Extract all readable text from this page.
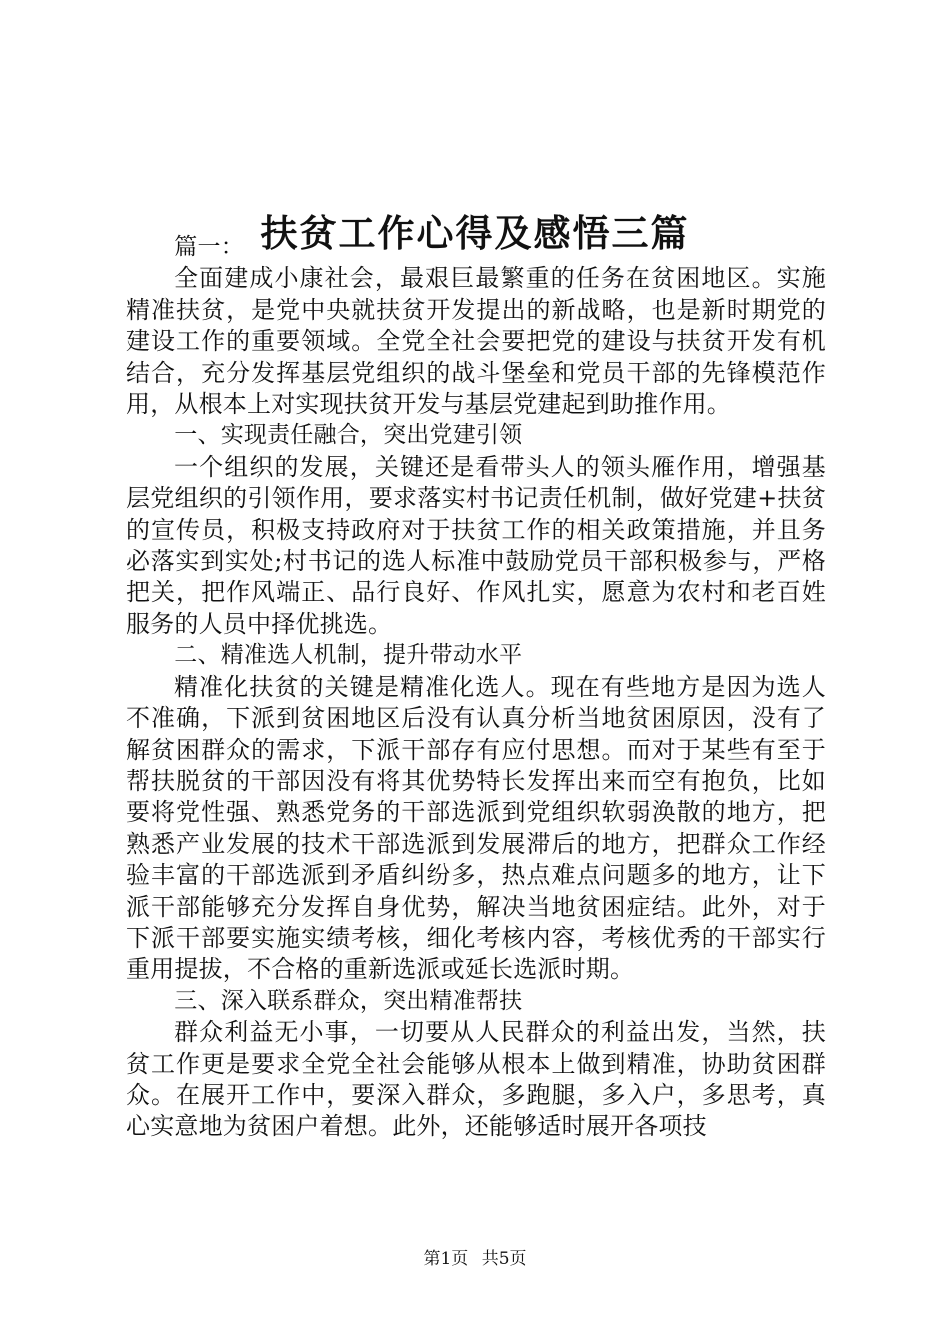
扶贫工作心得及感悟三篇

篇一：

全面建成小康社会，最艰巨最繁重的任务在贫困地区。实施精准扶贫，是党中央就扶贫开发提出的新战略，也是新时期党的建设工作的重要领域。全党全社会要把党的建设与扶贫开发有机结合，充分发挥基层党组织的战斗堡垒和党员干部的先锋模范作用，从根本上对实现扶贫开发与基层党建起到助推作用。

一、实现责任融合，突出党建引领

一个组织的发展，关键还是看带头人的领头雁作用，增强基层党组织的引领作用，要求落实村书记责任机制，做好党建+扶贫的宣传员，积极支持政府对于扶贫工作的相关政策措施，并且务必落实到实处;村书记的选人标准中鼓励党员干部积极参与，严格把关，把作风端正、品行良好、作风扎实，愿意为农村和老百姓服务的人员中择优挑选。

二、精准选人机制，提升带动水平

精准化扶贫的关键是精准化选人。现在有些地方是因为选人不准确，下派到贫困地区后没有认真分析当地贫困原因，没有了解贫困群众的需求，下派干部存有应付思想。而对于某些有至于帮扶脱贫的干部因没有将其优势特长发挥出来而空有抱负，比如要将党性强、熟悉党务的干部选派到党组织软弱涣散的地方，把熟悉产业发展的技术干部选派到发展滞后的地方，把群众工作经验丰富的干部选派到矛盾纠纷多，热点难点问题多的地方，让下派干部能够充分发挥自身优势，解决当地贫困症结。此外，对于下派干部要实施实绩考核，细化考核内容，考核优秀的干部实行重用提拔，不合格的重新选派或延长选派时期。

三、深入联系群众，突出精准帮扶

群众利益无小事，一切要从人民群众的利益出发，当然，扶贫工作更是要求全党全社会能够从根本上做到精准，协助贫困群众。在展开工作中，要深入群众，多跑腿，多入户，多思考，真心实意地为贫困户着想。此外，还能够适时展开各项技

第1页 共5页
